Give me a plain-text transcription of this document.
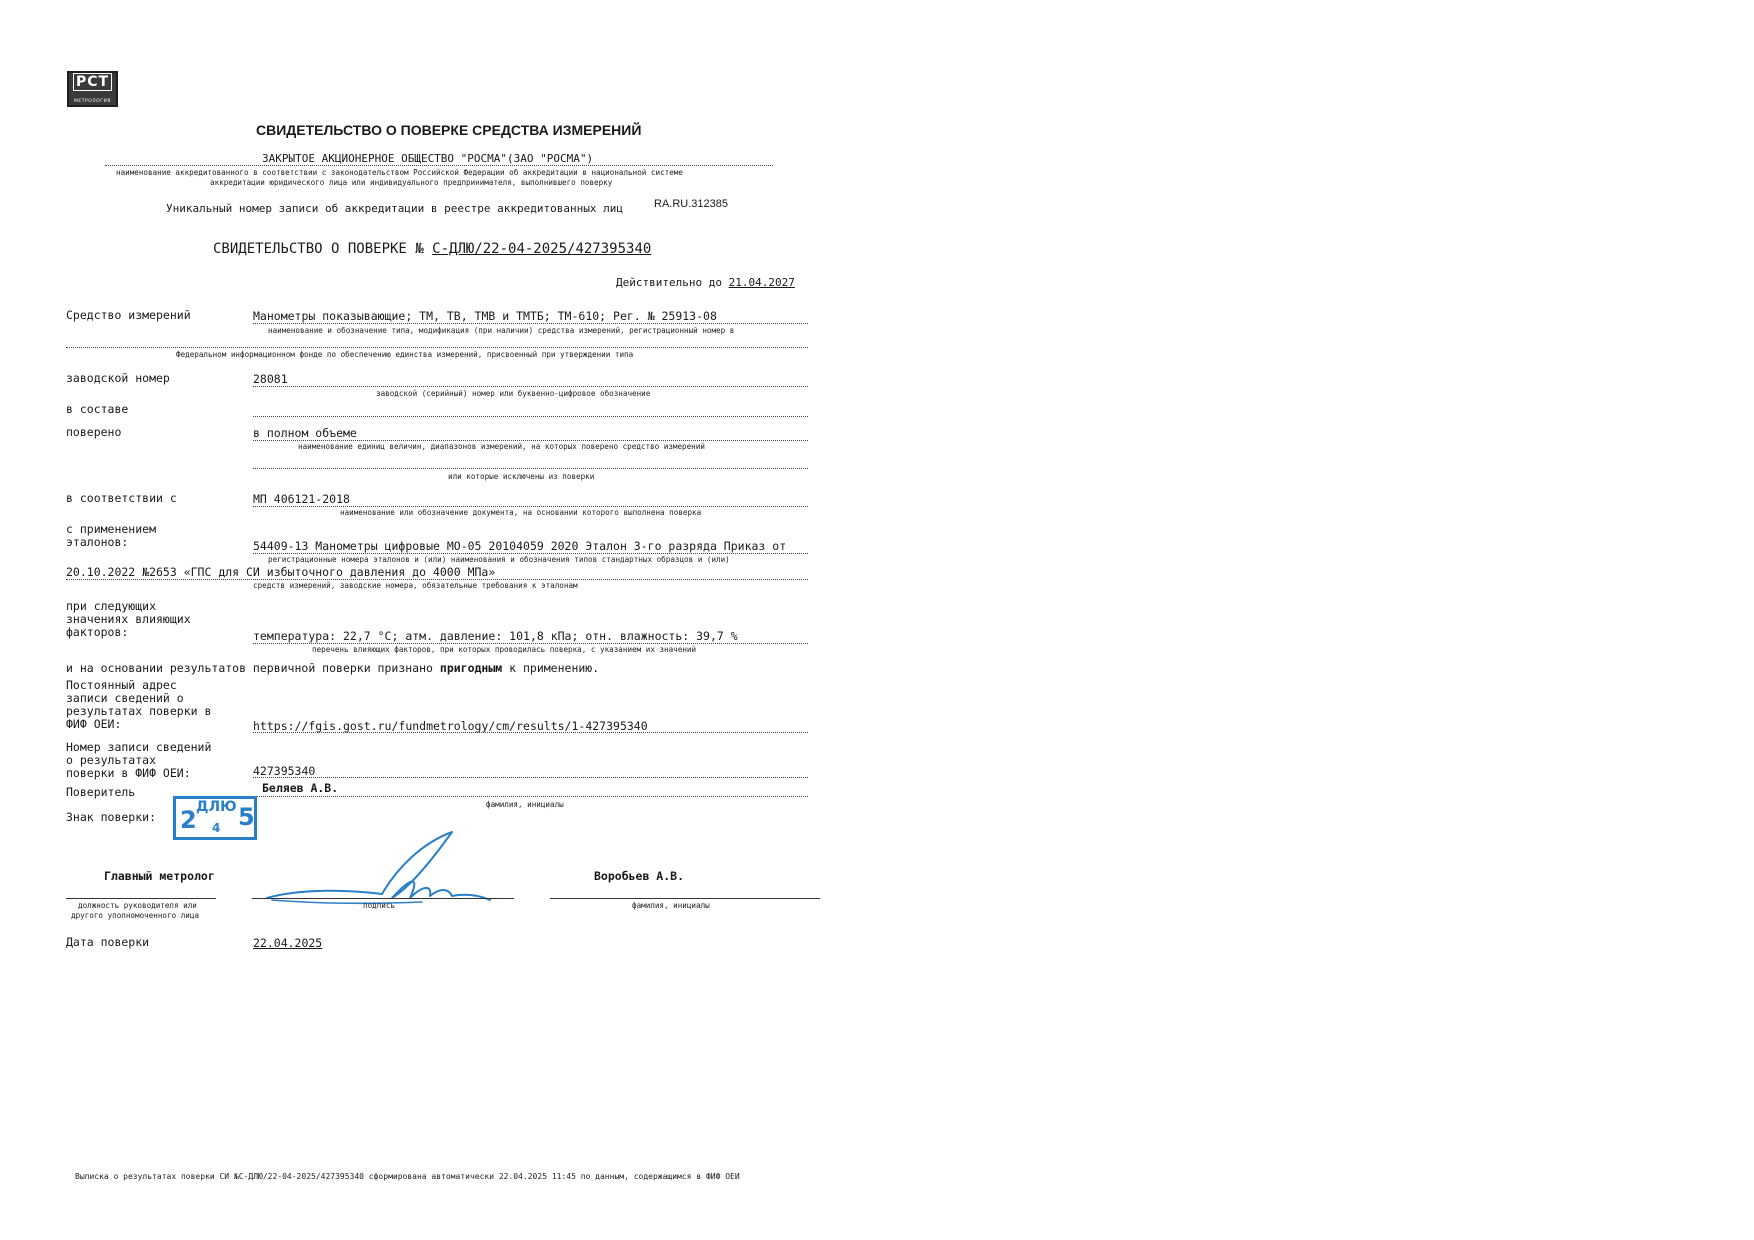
РСТ
МЕТРОЛОГИЯ
СВИДЕТЕЛЬСТВО О ПОВЕРКЕ СРЕДСТВА ИЗМЕРЕНИЙ
ЗАКРЫТОЕ АКЦИОНЕРНОЕ ОБЩЕСТВО "РОСМА"(ЗАО "РОСМА")
наименование аккредитованного в соответствии с законодательством Российской Федерации об аккредитации в национальной системе
аккредитации юридического лица или индивидуального предпринимателя, выполнившего поверку
Уникальный номер записи об аккредитации в реестре аккредитованных лиц	RA.RU.312385
СВИДЕТЕЛЬСТВО О ПОВЕРКЕ № С-ДЛЮ/22-04-2025/427395340
Действительно до 21.04.2027
Средство измерений	Манометры показывающие; ТМ, ТВ, ТМВ и ТМТБ; ТМ-610; Рег. № 25913-08
наименование и обозначение типа, модификация (при наличии) средства измерений, регистрационный номер в
Федеральном информационном фонде по обеспечению единства измерений, присвоенный при утверждении типа
заводской номер	28081
заводской (серийный) номер или буквенно-цифровое обозначение
в составе
поверено	в полном объеме
наименование единиц величин, диапазонов измерений, на которых поверено средство измерений
или которые исключены из поверки
в соответствии с	МП 406121-2018
наименование или обозначение документа, на основании которого выполнена поверка
с применением
эталонов:	54409-13 Манометры цифровые МО-05 20104059 2020 Эталон 3-го разряда Приказ от
регистрационные номера эталонов и (или) наименования и обозначения типов стандартных образцов и (или)
20.10.2022 №2653 «ГПС для СИ избыточного давления до 4000 МПа»
средств измерений, заводские номера, обязательные требования к эталонам
при следующих
значениях влияющих
факторов:	температура: 22,7 °C; атм. давление: 101,8 кПа; отн. влажность: 39,7 %
перечень влияющих факторов, при которых проводилась поверка, с указанием их значений
и на основании результатов первичной поверки признано пригодным к применению.
Постоянный адрес
записи сведений о
результатах поверки в
ФИФ ОЕИ:	https://fgis.gost.ru/fundmetrology/cm/results/1-427395340
Номер записи сведений
о результатах
поверки в ФИФ ОЕИ:	427395340
Поверитель	Беляев А.В.
фамилия, инициалы
Знак поверки: 2 ДЛЮ
4 5
Главный метролог
должность руководителя или
другого уполномоченного лица
подпись
Воробьев А.В.
фамилия, инициалы
Дата поверки	22.04.2025
Выписка о результатах поверки СИ №С-ДЛЮ/22-04-2025/427395340 сформирована автоматически 22.04.2025 11:45 по данным, содержащимся в ФИФ ОЕИ
